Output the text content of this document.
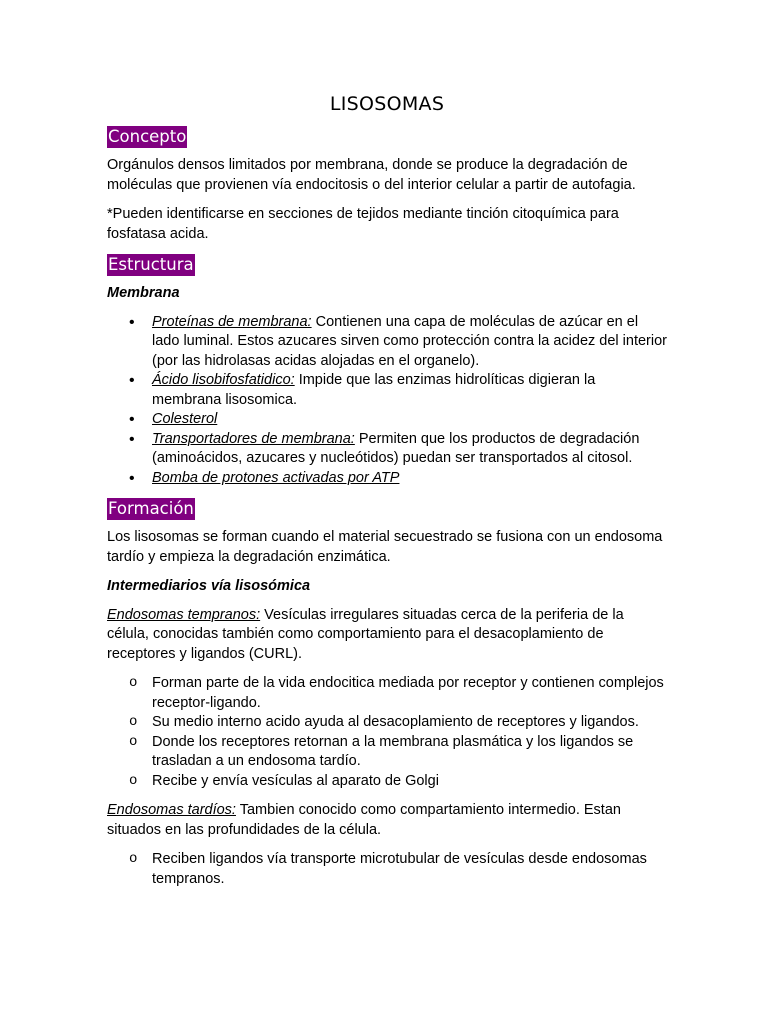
LISOSOMAS
Concepto

Orgánulos densos limitados por membrana, donde se produce la degradación de moléculas que provienen vía endocitosis o del interior celular a partir de autofagia.

*Pueden identificarse en secciones de tejidos mediante tinción citoquímica para fosfatasa acida.

Estructura

Membrana

• Proteínas de membrana: Contienen una capa de moléculas de azúcar en el lado luminal. Estos azucares sirven como protección contra la acidez del interior (por las hidrolasas acidas alojadas en el organelo).
• Ácido lisobifosfatidico: Impide que las enzimas hidrolíticas digieran la membrana lisosomica.
• Colesterol
• Transportadores de membrana: Permiten que los productos de degradación (aminoácidos, azucares y nucleótidos) puedan ser transportados al citosol.
• Bomba de protones activadas por ATP
Formación

Los lisosomas se forman cuando el material secuestrado se fusiona con un endosoma tardío y empieza la degradación enzimática.

Intermediarios vía lisosómica

Endosomas tempranos: Vesículas irregulares situadas cerca de la periferia de la célula, conocidas también como comportamiento para el desacoplamiento de receptores y ligandos (CURL).

o Forman parte de la vida endocitica mediada por receptor y contienen complejos receptor-ligando.
o Su medio interno acido ayuda al desacoplamiento de receptores y ligandos.
o Donde los receptores retornan a la membrana plasmática y los ligandos se trasladan a un endosoma tardío.
o Recibe y envía vesículas al aparato de Golgi

Endosomas tardíos: Tambien conocido como compartamiento intermedio. Estan situados en las profundidades de la célula.

o Reciben ligandos vía transporte microtubular de vesículas desde endosomas tempranos.
